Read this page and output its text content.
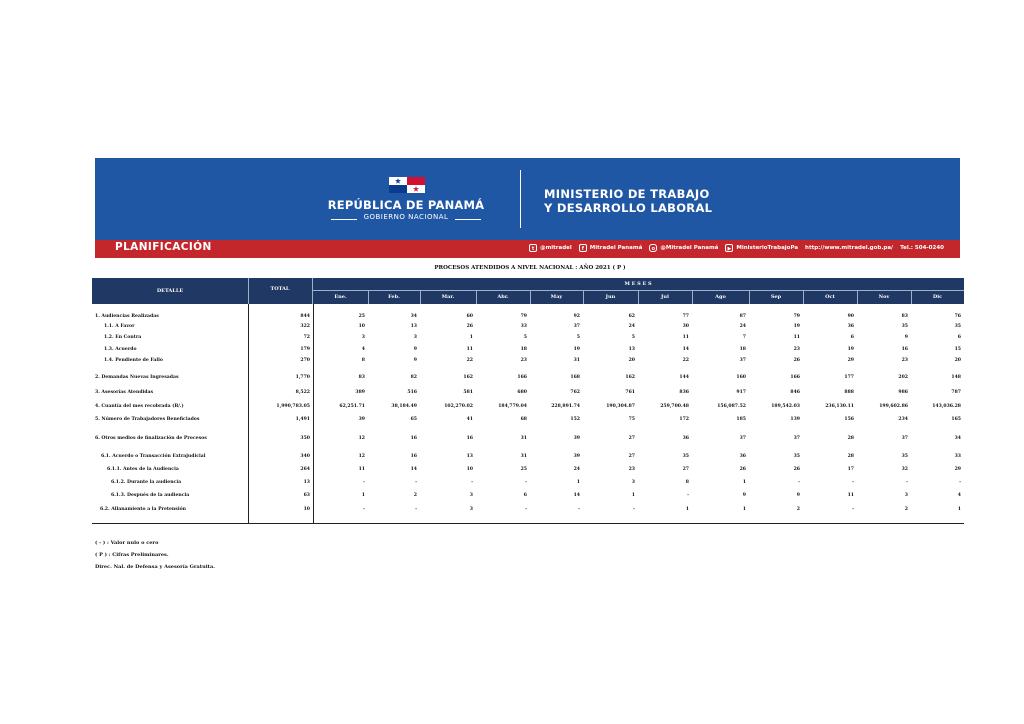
REPÚBLICA DE PANAMÁ
GOBIERNO NACIONAL
MINISTERIO DE TRABAJO
Y DESARROLLO LABORAL
PLANIFICACIÓN	t	@mitradel	f	Mitradel Panamá	o @Mitradel Panamá	▶ MinisterioTrabajoPa http://www.mitradel.gob.pa/ Tel.: 504-0240
PROCESOS ATENDIDOS A NIVEL NACIONAL : AÑO 2021 ( P )
DETALLE	TOTAL
M E S E S
Ene.	Feb.	Mar.	Abr.	May	Jun	Jul	Ago	Sep	Oct	Nov	Dic
1. Audiencias Realizadas	844	25	34	60	79	92	62	77	87	79	90	83	76
1.1. A Favor	322	10	13	26	33	37	24	30	24	19	36	35	35
1.2. En Contra	72	3	3	1	5	5	5	11	7	11	6	9	6
1.3. Acuerdo	179	4	9	11	18	19	13	14	18	23	19	16	15
1.4. Pendiente de Fallo	270	8	9	22	23	31	20	22	37	26	29	23	20
2. Demandas Nuevas Ingresadas	1,770	83	82	162	166	168	162	144	160	166	177	202	148
3. Asesorías Atendidas	8,522	389	516	581	680	762	761	836	917	846	888	986	787
4. Cuantía del mes recobrada (B/.)	1,990,783.05	62,251.71	38,184.49	102,270.02	184,779.04	228,891.74	190,304.87	259,700.48	156,087.52	189,542.03	236,130.11	199,602.86	143,036.28
5. Número de Trabajadores Beneficiados	1,491	39	65	41	68	152	75	172	185	139	156	234	165
6. Otros medios de finalización de Procesos	350	12	16	16	31	39	27	36	37	37	28	37	34
6.1. Acuerdo o Transacción Extrajudicial	340	12	16	13	31	39	27	35	36	35	28	35	33
6.1.1. Antes de la Audiencia	264	11	14	10	25	24	23	27	26	26	17	32	29
6.1.2. Durante la audiencia	13	-	-	-	-	1	3	8	1	-	-	-	-
6.1.3. Después de la audiencia	63	1	2	3	6	14	1	-	9	9	11	3	4
6.2. Allanamiento a la Pretensión	10	-	-	3	-	-	-	1	1	2	-	2	1
( - ) : Valor nulo o cero
( P ) : Cifras Preliminares.
Direc. Nal. de Defensa y Asesoría Gratuita.
